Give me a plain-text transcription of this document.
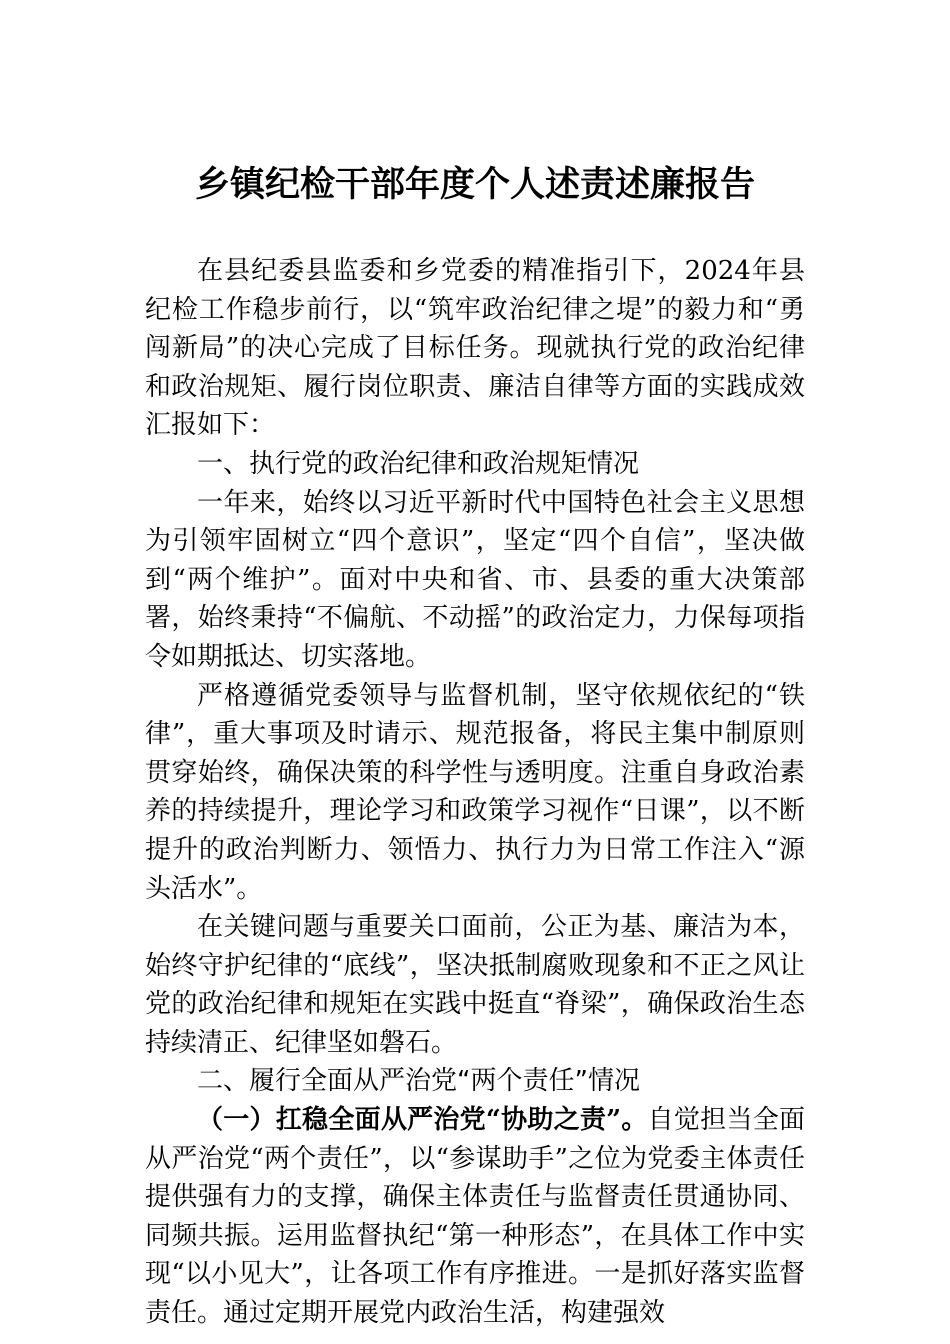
乡镇纪检干部年度个人述责述廉报告

在县纪委县监委和乡党委的精准指引下，2024年县纪检工作稳步前行，以“筑牢政治纪律之堤”的毅力和“勇闯新局”的决心完成了目标任务。现就执行党的政治纪律和政治规矩、履行岗位职责、廉洁自律等方面的实践成效汇报如下：

一、执行党的政治纪律和政治规矩情况

一年来，始终以习近平新时代中国特色社会主义思想为引领牢固树立“四个意识”，坚定“四个自信”，坚决做到“两个维护”。面对中央和省、市、县委的重大决策部署，始终秉持“不偏航、不动摇”的政治定力，力保每项指令如期抵达、切实落地。

严格遵循党委领导与监督机制，坚守依规依纪的“铁律”，重大事项及时请示、规范报备，将民主集中制原则贯穿始终，确保决策的科学性与透明度。注重自身政治素养的持续提升，理论学习和政策学习视作“日课”，以不断提升的政治判断力、领悟力、执行力为日常工作注入“源头活水”。

在关键问题与重要关口面前，公正为基、廉洁为本，始终守护纪律的“底线”，坚决抵制腐败现象和不正之风让党的政治纪律和规矩在实践中挺直“脊梁”，确保政治生态持续清正、纪律坚如磐石。

二、履行全面从严治党“两个责任”情况

（一）扛稳全面从严治党“协助之责”。自觉担当全面从严治党“两个责任”，以“参谋助手”之位为党委主体责任提供强有力的支撑，确保主体责任与监督责任贯通协同、同频共振。运用监督执纪“第一种形态”，在具体工作中实现“以小见大”，让各项工作有序推进。一是抓好落实监督责任。通过定期开展党内政治生活，构建强效
